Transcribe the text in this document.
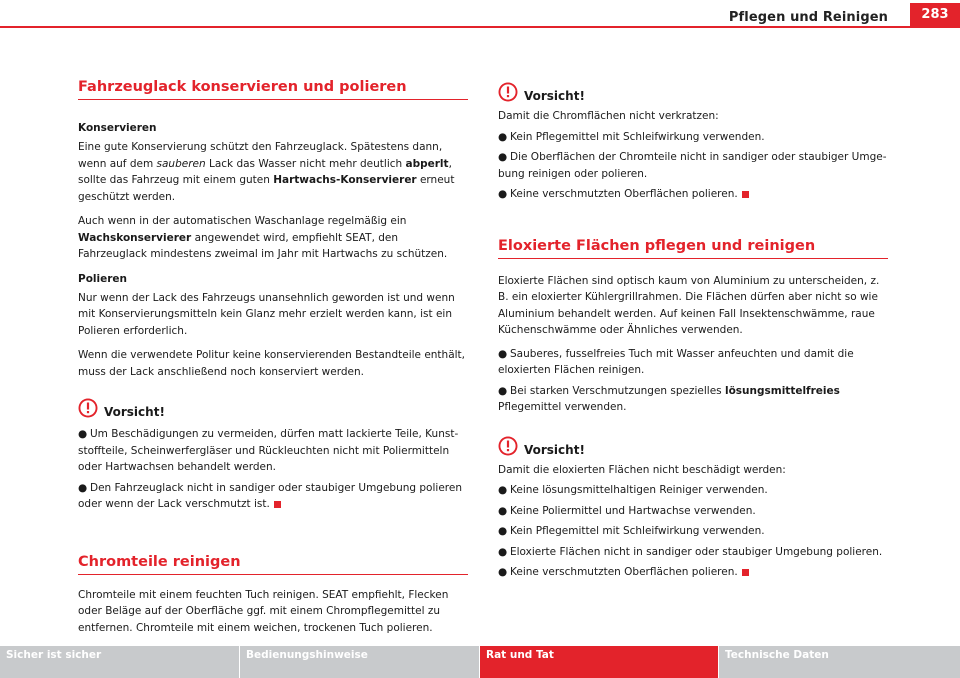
Pflegen und Reinigen	283
Fahrzeuglack konservieren und polieren
Konservieren

Eine gute Konservierung schützt den Fahrzeuglack. Spätestens dann, wenn auf dem sauberen Lack das Wasser nicht mehr deutlich abperlt, sollte das Fahrzeug mit einem guten Hartwachs-Konservierer erneut geschützt werden.

Auch wenn in der automatischen Waschanlage regelmäßig ein Wachskonservierer angewendet wird, empfiehlt SEAT, den Fahrzeuglack mindestens zweimal im Jahr mit Hartwachs zu schützen.

Polieren

Nur wenn der Lack des Fahrzeugs unansehnlich geworden ist und wenn mit Konservierungsmitteln kein Glanz mehr erzielt werden kann, ist ein Polieren erforderlich.

Wenn die verwendete Politur keine konservierenden Bestandteile enthält, muss der Lack anschließend noch konserviert werden.

Vorsicht!

● Um Beschädigungen zu vermeiden, dürfen matt lackierte Teile, Kunststoffteile, Scheinwerfergläser und Rückleuchten nicht mit Poliermitteln oder Hartwachsen behandelt werden.

● Den Fahrzeuglack nicht in sandiger oder staubiger Umgebung polieren oder wenn der Lack verschmutzt ist.

Chromteile reinigen

Chromteile mit einem feuchten Tuch reinigen. SEAT empfiehlt, Flecken oder Beläge auf der Oberfläche ggf. mit einem Chrompflegemittel zu entfernen. Chromteile mit einem weichen, trockenen Tuch polieren.

Vorsicht!

Damit die Chromflächen nicht verkratzen:

● Kein Pflegemittel mit Schleifwirkung verwenden.

● Die Oberflächen der Chromteile nicht in sandiger oder staubiger Umgebung reinigen oder polieren.

● Keine verschmutzten Oberflächen polieren.

Eloxierte Flächen pflegen und reinigen

Eloxierte Flächen sind optisch kaum von Aluminium zu unterscheiden, z. B. ein eloxierter Kühlergrillrahmen. Die Flächen dürfen aber nicht so wie Aluminium behandelt werden. Auf keinen Fall Insektenschwämme, raue Küchenschwämme oder Ähnliches verwenden.

● Sauberes, fusselfreies Tuch mit Wasser anfeuchten und damit die eloxierten Flächen reinigen.

● Bei starken Verschmutzungen spezielles lösungsmittelfreies Pflegemittel verwenden.

Vorsicht!

Damit die eloxierten Flächen nicht beschädigt werden:

● Keine lösungsmittelhaltigen Reiniger verwenden.

● Keine Poliermittel und Hartwachse verwenden.

● Kein Pflegemittel mit Schleifwirkung verwenden.

● Eloxierte Flächen nicht in sandiger oder staubiger Umgebung polieren.

● Keine verschmutzten Oberflächen polieren.

Sicher ist sicher	Bedienungshinweise	Rat und Tat	Technische Daten
